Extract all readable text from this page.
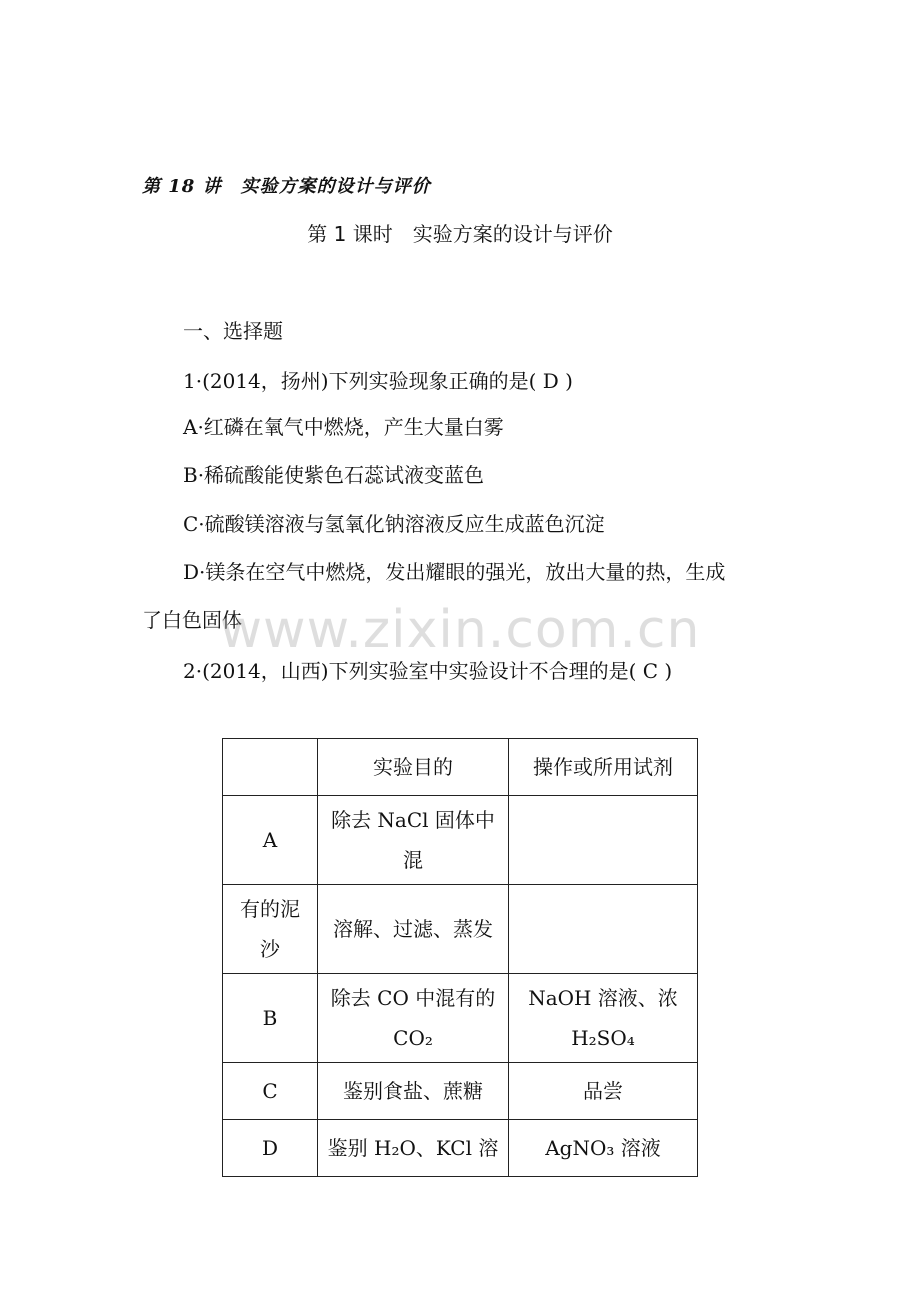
第 18 讲　实验方案的设计与评价
第 1 课时　实验方案的设计与评价
一、选择题
1·(2014，扬州)下列实验现象正确的是( D )
A·红磷在氧气中燃烧，产生大量白雾
B·稀硫酸能使紫色石蕊试液变蓝色
C·硫酸镁溶液与氢氧化钠溶液反应生成蓝色沉淀
D·镁条在空气中燃烧，发出耀眼的强光，放出大量的热，生成
了白色固体
www.zixin.com.cn
2·(2014，山西)下列实验室中实验设计不合理的是( C )
	实验目的	操作或所用试剂
A	除去 NaCl 固体中混	
有的泥沙	溶解、过滤、蒸发	
B	除去 CO 中混有的 CO₂	NaOH 溶液、浓 H₂SO₄
C	鉴别食盐、蔗糖	品尝
D	鉴别 H₂O、KCl 溶	AgNO₃ 溶液
